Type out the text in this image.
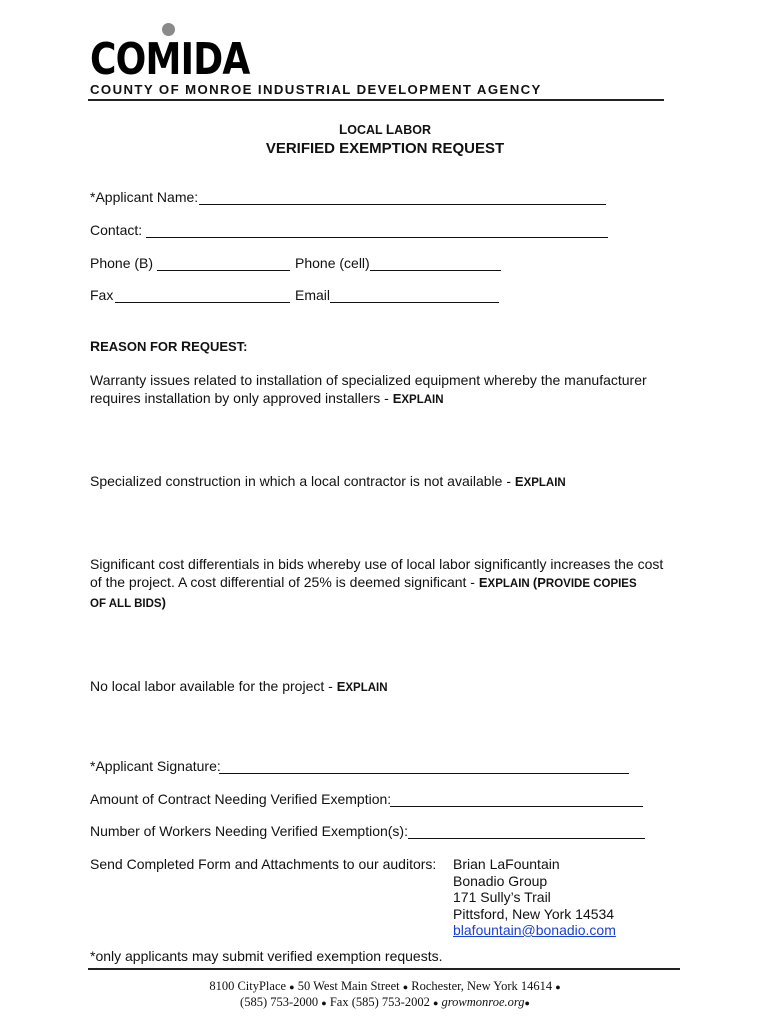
COMIDA
COUNTY OF MONROE INDUSTRIAL DEVELOPMENT AGENCY
LOCAL LABOR
VERIFIED EXEMPTION REQUEST
*Applicant Name:
Contact:
Phone (B)	Phone (cell)
Fax	Email
REASON FOR REQUEST:
Warranty issues related to installation of specialized equipment whereby the manufacturer
requires installation by only approved installers - EXPLAIN
Specialized construction in which a local contractor is not available - EXPLAIN
Significant cost differentials in bids whereby use of local labor significantly increases the cost
of the project. A cost differential of 25% is deemed significant - EXPLAIN (PROVIDE COPIES
OF ALL BIDS)
No local labor available for the project - EXPLAIN
*Applicant Signature:
Amount of Contract Needing Verified Exemption:
Number of Workers Needing Verified Exemption(s):
Send Completed Form and Attachments to our auditors: Brian LaFountain
Bonadio Group
171 Sully’s Trail
Pittsford, New York 14534
blafountain@bonadio.com
*only applicants may submit verified exemption requests.
8100 CityPlace ● 50 West Main Street ● Rochester, New York 14614 ●
(585) 753-2000 ● Fax (585) 753-2002 ● growmonroe.org●
